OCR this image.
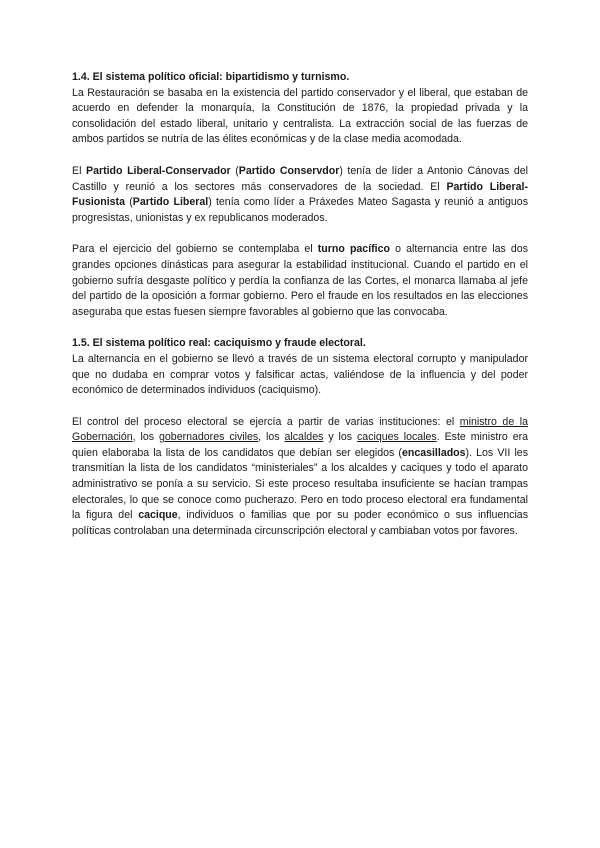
1.4. El sistema político oficial: bipartidismo y turnismo.

La Restauración se basaba en la existencia del partido conservador y el liberal, que estaban de acuerdo en defender la monarquía, la Constitución de 1876, la propiedad privada y la consolidación del estado liberal, unitario y centralista. La extracción social de las fuerzas de ambos partidos se nutría de las élites económicas y de la clase media acomodada.

El Partido Liberal-Conservador (Partido Conservdor) tenía de líder a Antonio Cánovas del Castillo y reunió a los sectores más conservadores de la sociedad. El Partido Liberal-Fusionista (Partido Liberal) tenía como líder a Práxedes Mateo Sagasta y reunió a antiguos progresistas, unionistas y ex republicanos moderados.

Para el ejercicio del gobierno se contemplaba el turno pacífico o alternancia entre las dos grandes opciones dinásticas para asegurar la estabilidad institucional. Cuando el partido en el gobierno sufría desgaste político y perdía la confianza de las Cortes, el monarca llamaba al jefe del partido de la oposición a formar gobierno. Pero el fraude en los resultados en las elecciones aseguraba que estas fuesen siempre favorables al gobierno que las convocaba.

1.5. El sistema político real: caciquismo y fraude electoral.

La alternancia en el gobierno se llevó a través de un sistema electoral corrupto y manipulador que no dudaba en comprar votos y falsificar actas, valiéndose de la influencia y del poder económico de determinados individuos (caciquismo).

El control del proceso electoral se ejercía a partir de varias instituciones: el ministro de la Gobernación, los gobernadores civiles, los alcaldes y los caciques locales. Este ministro era quien elaboraba la lista de los candidatos que debían ser elegidos (encasillados). Los VII les transmitían la lista de los candidatos “ministeriales” a los alcaldes y caciques y todo el aparato administrativo se ponía a su servicio. Si este proceso resultaba insuficiente se hacían trampas electorales, lo que se conoce como pucherazo. Pero en todo proceso electoral era fundamental la figura del cacique, individuos o familias que por su poder económico o sus influencias políticas controlaban una determinada circunscripción electoral y cambiaban votos por favores.
